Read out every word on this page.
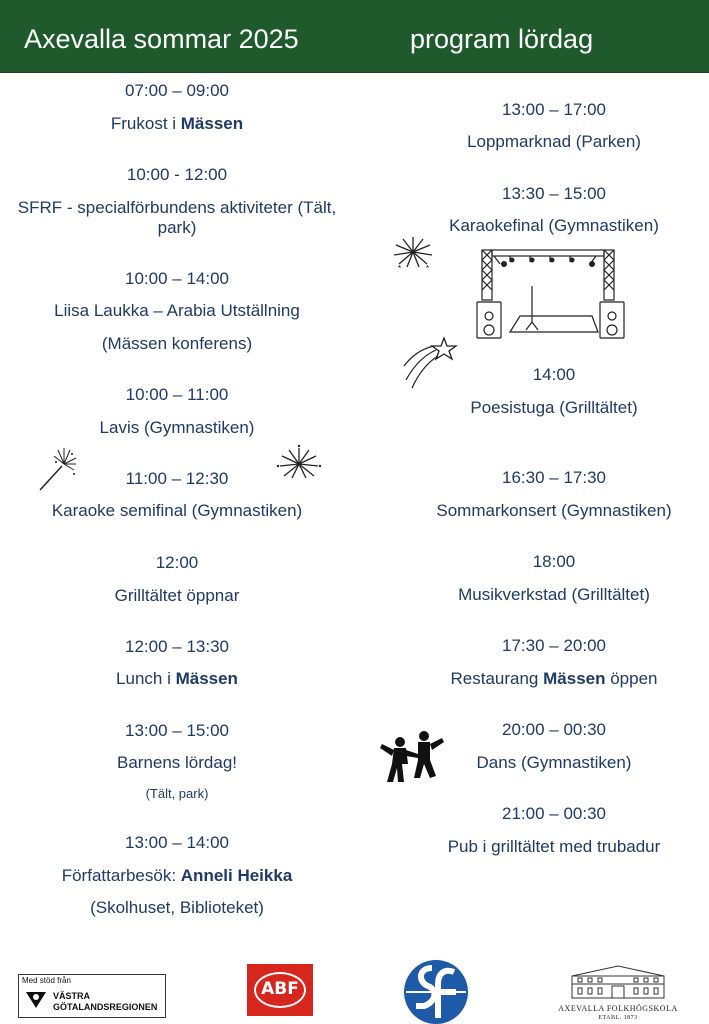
Axevalla sommar 2025	program lördag
07:00 – 09:00
Frukost i Mässen
10:00 - 12:00
SFRF - specialförbundens aktiviteter (Tält,
park)
10:00 – 14:00
Liisa Laukka – Arabia Utställning
(Mässen konferens)
10:00 – 11:00
Lavis (Gymnastiken)
11:00 – 12:30
Karaoke semifinal (Gymnastiken)
12:00
Grilltältet öppnar
12:00 – 13:30
Lunch i Mässen
13:00 – 15:00
Barnens lördag!
(Tält, park)
13:00 – 14:00
Författarbesök: Anneli Heikka
(Skolhuset, Biblioteket)
13:00 – 17:00
Loppmarknad (Parken)
13:30 – 15:00
Karaokefinal (Gymnastiken)
14:00
Poesistuga (Grilltältet)
16:30 – 17:30
Sommarkonsert (Gymnastiken)
18:00
Musikverkstad (Grilltältet)
17:30 – 20:00
Restaurang Mässen öppen
20:00 – 00:30
Dans (Gymnastiken)
21:00 – 00:30
Pub i grilltältet med trubadur
Med stöd från
VÄSTRA
GÖTALANDSREGIONEN
ABF
AXEVALLA FOLKHÖGSKOLA
ETABL. 1873
